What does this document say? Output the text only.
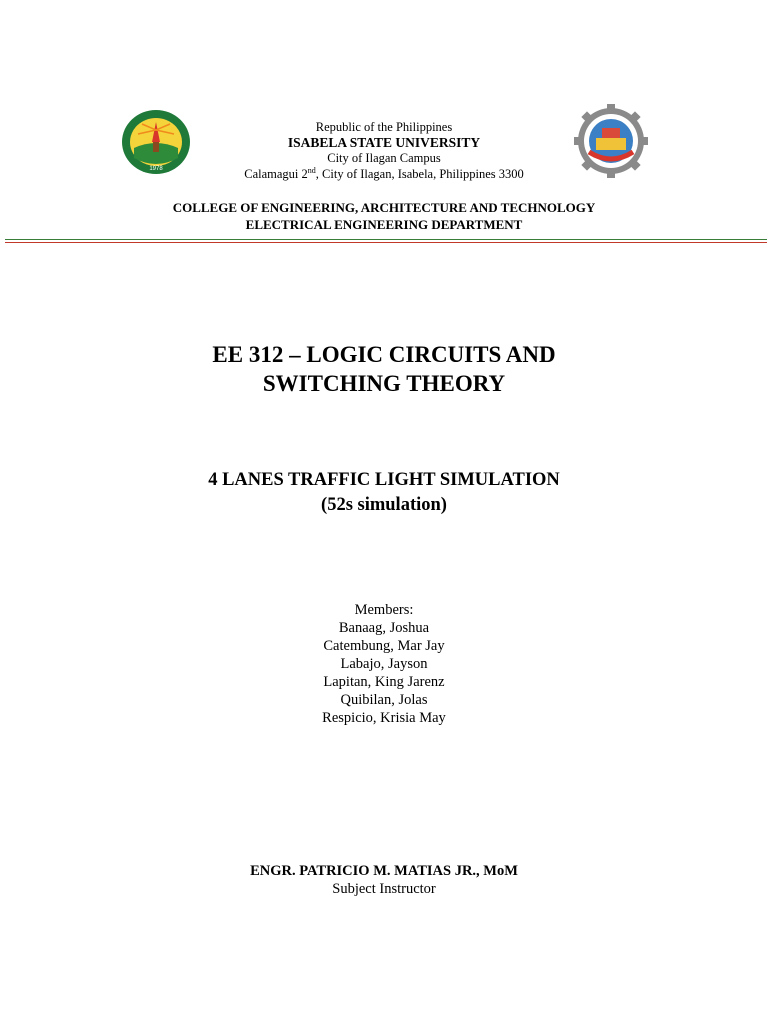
1978
Republic of the Philippines
ISABELA STATE UNIVERSITY
City of Ilagan Campus
Calamagui 2nd, City of Ilagan, Isabela, Philippines 3300
COLLEGE OF ENGINEERING, ARCHITECTURE AND TECHNOLOGY
ELECTRICAL ENGINEERING DEPARTMENT
EE 312 – LOGIC CIRCUITS AND
SWITCHING THEORY
4 LANES TRAFFIC LIGHT SIMULATION
(52s simulation)
Members:
Banaag, Joshua
Catembung, Mar Jay
Labajo, Jayson
Lapitan, King Jarenz
Quibilan, Jolas
Respicio, Krisia May
ENGR. PATRICIO M. MATIAS JR., MoM
Subject Instructor
